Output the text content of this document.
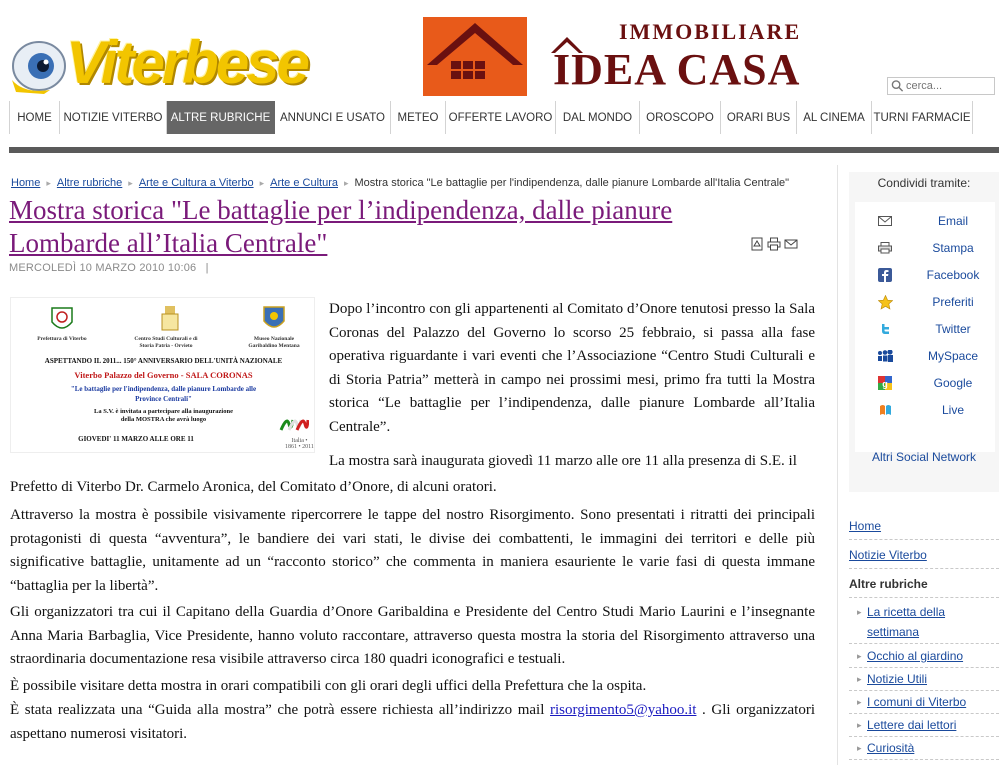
Viterbese	IMMOBILIARE
IDEA CASA
cerca...
HOME	NOTIZIE VITERBO ALTRE RUBRICHE ANNUNCI E USATO	METEO OFFERTE LAVORO DAL MONDO	OROSCOPO	ORARI BUS	AL CINEMA TURNI FARMACIE
Home ▸ Altre rubriche ▸ Arte e Cultura a Viterbo ▸ Arte e Cultura ▸ Mostra storica "Le battaglie per l'indipendenza, dalle pianure Lombarde all'Italia Centrale"
Mostra storica "Le battaglie per l’indipendenza, dalle pianure Lombarde all’Italia Centrale"
MERCOLEDÌ 10 MARZO 2010 10:06 |
Prefettura di Viterbo	Centro Studi Culturali e di Storia Patria - Orvieto
Museo Nazionale Garibaldino Mentana
ASPETTANDO IL 2011... 150° ANNIVERSARIO DELL'UNITÀ NAZIONALE
Viterbo Palazzo del Governo - SALA CORONAS
"Le battaglie per l'indipendenza, dalle pianure Lombarde alle Province Centrali"
La S.V. è invitata a partecipare alla inaugurazione della MOSTRA che avrà luogo
GIOVEDI' 11 MARZO ALLE ORE 11	Italia • 1861 • 2011
Dopo l’incontro con gli appartenenti al Comitato d’Onore tenutosi presso la Sala Coronas del Palazzo del Governo lo scorso 25 febbraio, si passa alla fase operativa riguardante i vari eventi che l’Associazione “Centro Studi Culturali e di Storia Patria” metterà in campo nei prossimi mesi, primo fra tutti la Mostra storica “Le battaglie per l’indipendenza, dalle pianure Lombarde all’Italia Centrale”.
La mostra sarà inaugurata giovedì 11 marzo alle ore 11 alla presenza di S.E. il
Prefetto di Viterbo Dr. Carmelo Aronica, del Comitato d’Onore, di alcuni oratori.
Attraverso la mostra è possibile visivamente ripercorrere le tappe del nostro Risorgimento. Sono presentati i ritratti dei principali protagonisti di questa “avventura”, le bandiere dei vari stati, le divise dei combattenti, le immagini dei territori e delle più significative battaglie, unitamente ad un “racconto storico” che commenta in maniera esauriente le varie fasi di questa immane “battaglia per la libertà”.
Gli organizzatori tra cui il Capitano della Guardia d’Onore Garibaldina e Presidente del Centro Studi Mario Laurini e l’insegnante Anna Maria Barbaglia, Vice Presidente, hanno voluto raccontare, attraverso questa mostra la storia del Risorgimento attraverso una straordinaria documentazione resa visibile attraverso circa 180 quadri iconografici e testuali.
È possibile visitare detta mostra in orari compatibili con gli orari degli uffici della Prefettura che la ospita.
È stata realizzata una “Guida alla mostra” che potrà essere richiesta all’indirizzo mail risorgimento5@yahoo.it . Gli organizzatori aspettano numerosi visitatori.
Condividi tramite:
Email
Stampa
Facebook
Preferiti
Twitter
MySpace
g	Google
Live
Altri Social Network
Home
Notizie Viterbo
Altre rubriche
▸ La ricetta della settimana
▸ Occhio al giardino
▸ Notizie Utili
▸ I comuni di Viterbo
▸ Lettere dai lettori
▸ Curiosità
